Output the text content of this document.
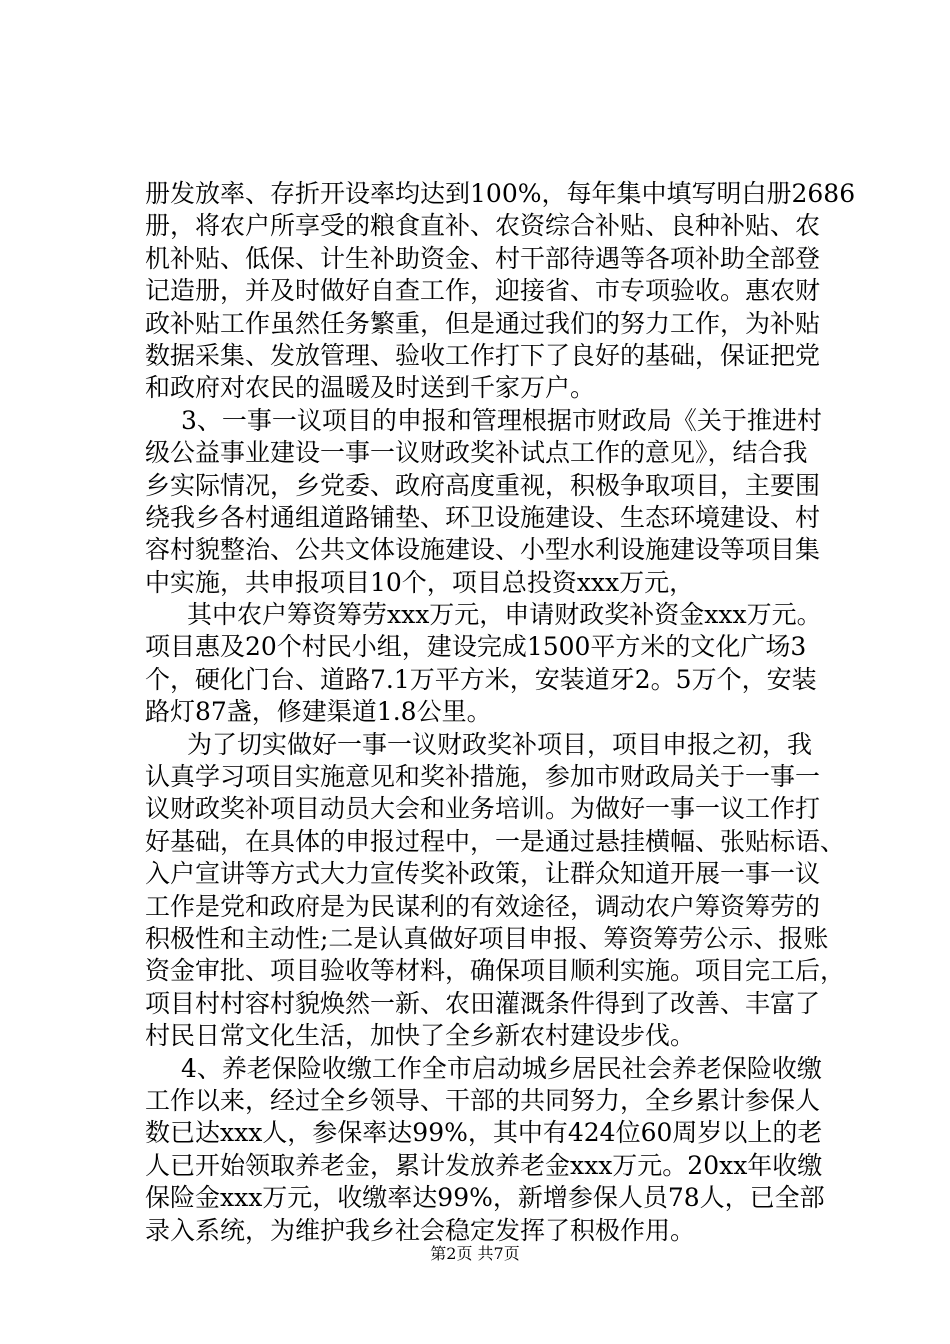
册发放率、存折开设率均达到100%，每年集中填写明白册2686
册，将农户所享受的粮食直补、农资综合补贴、良种补贴、农
机补贴、低保、计生补助资金、村干部待遇等各项补助全部登
记造册，并及时做好自查工作，迎接省、市专项验收。惠农财
政补贴工作虽然任务繁重，但是通过我们的努力工作，为补贴
数据采集、发放管理、验收工作打下了良好的基础，保证把党
和政府对农民的温暖及时送到千家万户。
3、一事一议项目的申报和管理根据市财政局《关于推进村
级公益事业建设一事一议财政奖补试点工作的意见》，结合我
乡实际情况，乡党委、政府高度重视，积极争取项目，主要围
绕我乡各村通组道路铺垫、环卫设施建设、生态环境建设、村
容村貌整治、公共文体设施建设、小型水利设施建设等项目集
中实施，共申报项目10个，项目总投资xxx万元，
其中农户筹资筹劳xxx万元，申请财政奖补资金xxx万元。
项目惠及20个村民小组，建设完成1500平方米的文化广场3
个，硬化门台、道路7.1万平方米，安装道牙2。5万个，安装
路灯87盏，修建渠道1.8公里。
为了切实做好一事一议财政奖补项目，项目申报之初，我
认真学习项目实施意见和奖补措施，参加市财政局关于一事一
议财政奖补项目动员大会和业务培训。为做好一事一议工作打
好基础，在具体的申报过程中，一是通过悬挂横幅、张贴标语、
入户宣讲等方式大力宣传奖补政策，让群众知道开展一事一议
工作是党和政府是为民谋利的有效途径，调动农户筹资筹劳的
积极性和主动性;二是认真做好项目申报、筹资筹劳公示、报账
资金审批、项目验收等材料，确保项目顺利实施。项目完工后，
项目村村容村貌焕然一新、农田灌溉条件得到了改善、丰富了
村民日常文化生活，加快了全乡新农村建设步伐。
4、养老保险收缴工作全市启动城乡居民社会养老保险收缴
工作以来，经过全乡领导、干部的共同努力，全乡累计参保人
数已达xxx人，参保率达99%，其中有424位60周岁以上的老
人已开始领取养老金，累计发放养老金xxx万元。20xx年收缴
保险金xxx万元，收缴率达99%，新增参保人员78人，已全部
录入系统，为维护我乡社会稳定发挥了积极作用。
第2页 共7页
